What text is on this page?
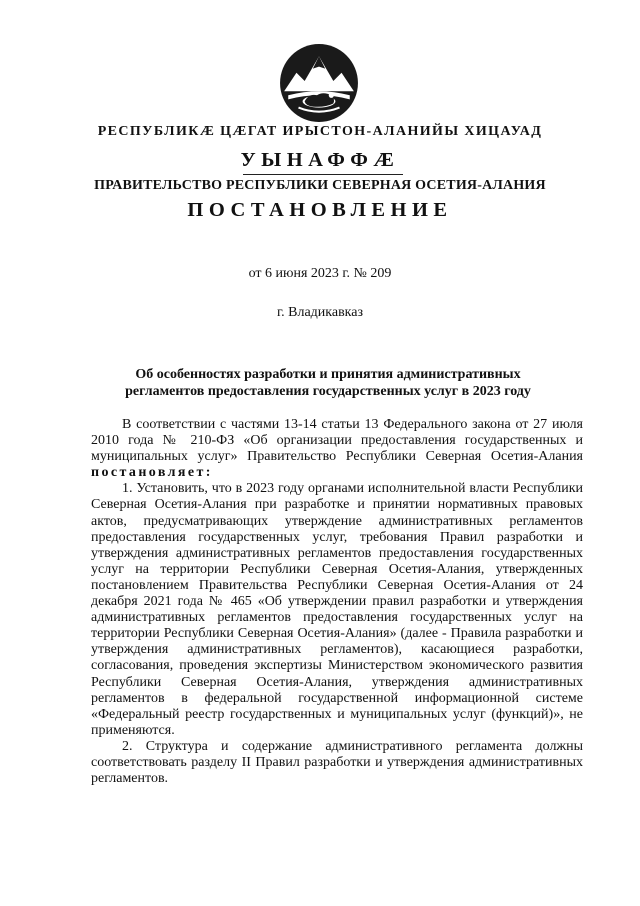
РЕСПУБЛИКӔ ЦӔГАТ ИРЫСТОН-АЛАНИЙЫ ХИЦАУАД

УЫНАФФӔ

ПРАВИТЕЛЬСТВО РЕСПУБЛИКИ СЕВЕРНАЯ ОСЕТИЯ-АЛАНИЯ

ПОСТАНОВЛЕНИЕ

от 6 июня 2023 г. № 209

г. Владикавказ

Об особенностях разработки и принятия административных регламентов предоставления государственных услуг в 2023 году

В соответствии с частями 13-14 статьи 13 Федерального закона от 27 июля 2010 года № 210-ФЗ «Об организации предоставления государственных и муниципальных услуг» Правительство Республики Северная Осетия-Алания постановляет:

1. Установить, что в 2023 году органами исполнительной власти Республики Северная Осетия-Алания при разработке и принятии нормативных правовых актов, предусматривающих утверждение административных регламентов предоставления государственных услуг, требования Правил разработки и утверждения административных регламентов предоставления государственных услуг на территории Республики Северная Осетия-Алания, утвержденных постановлением Правительства Республики Северная Осетия-Алания от 24 декабря 2021 года № 465 «Об утверждении правил разработки и утверждения административных регламентов предоставления государственных услуг на территории Республики Северная Осетия-Алания» (далее - Правила разработки и утверждения административных регламентов), касающиеся разработки, согласования, проведения экспертизы Министерством экономического развития Республики Северная Осетия-Алания, утверждения административных регламентов в федеральной государственной информационной системе «Федеральный реестр государственных и муниципальных услуг (функций)», не применяются.

2. Структура и содержание административного регламента должны соответствовать разделу II Правил разработки и утверждения административных регламентов.
